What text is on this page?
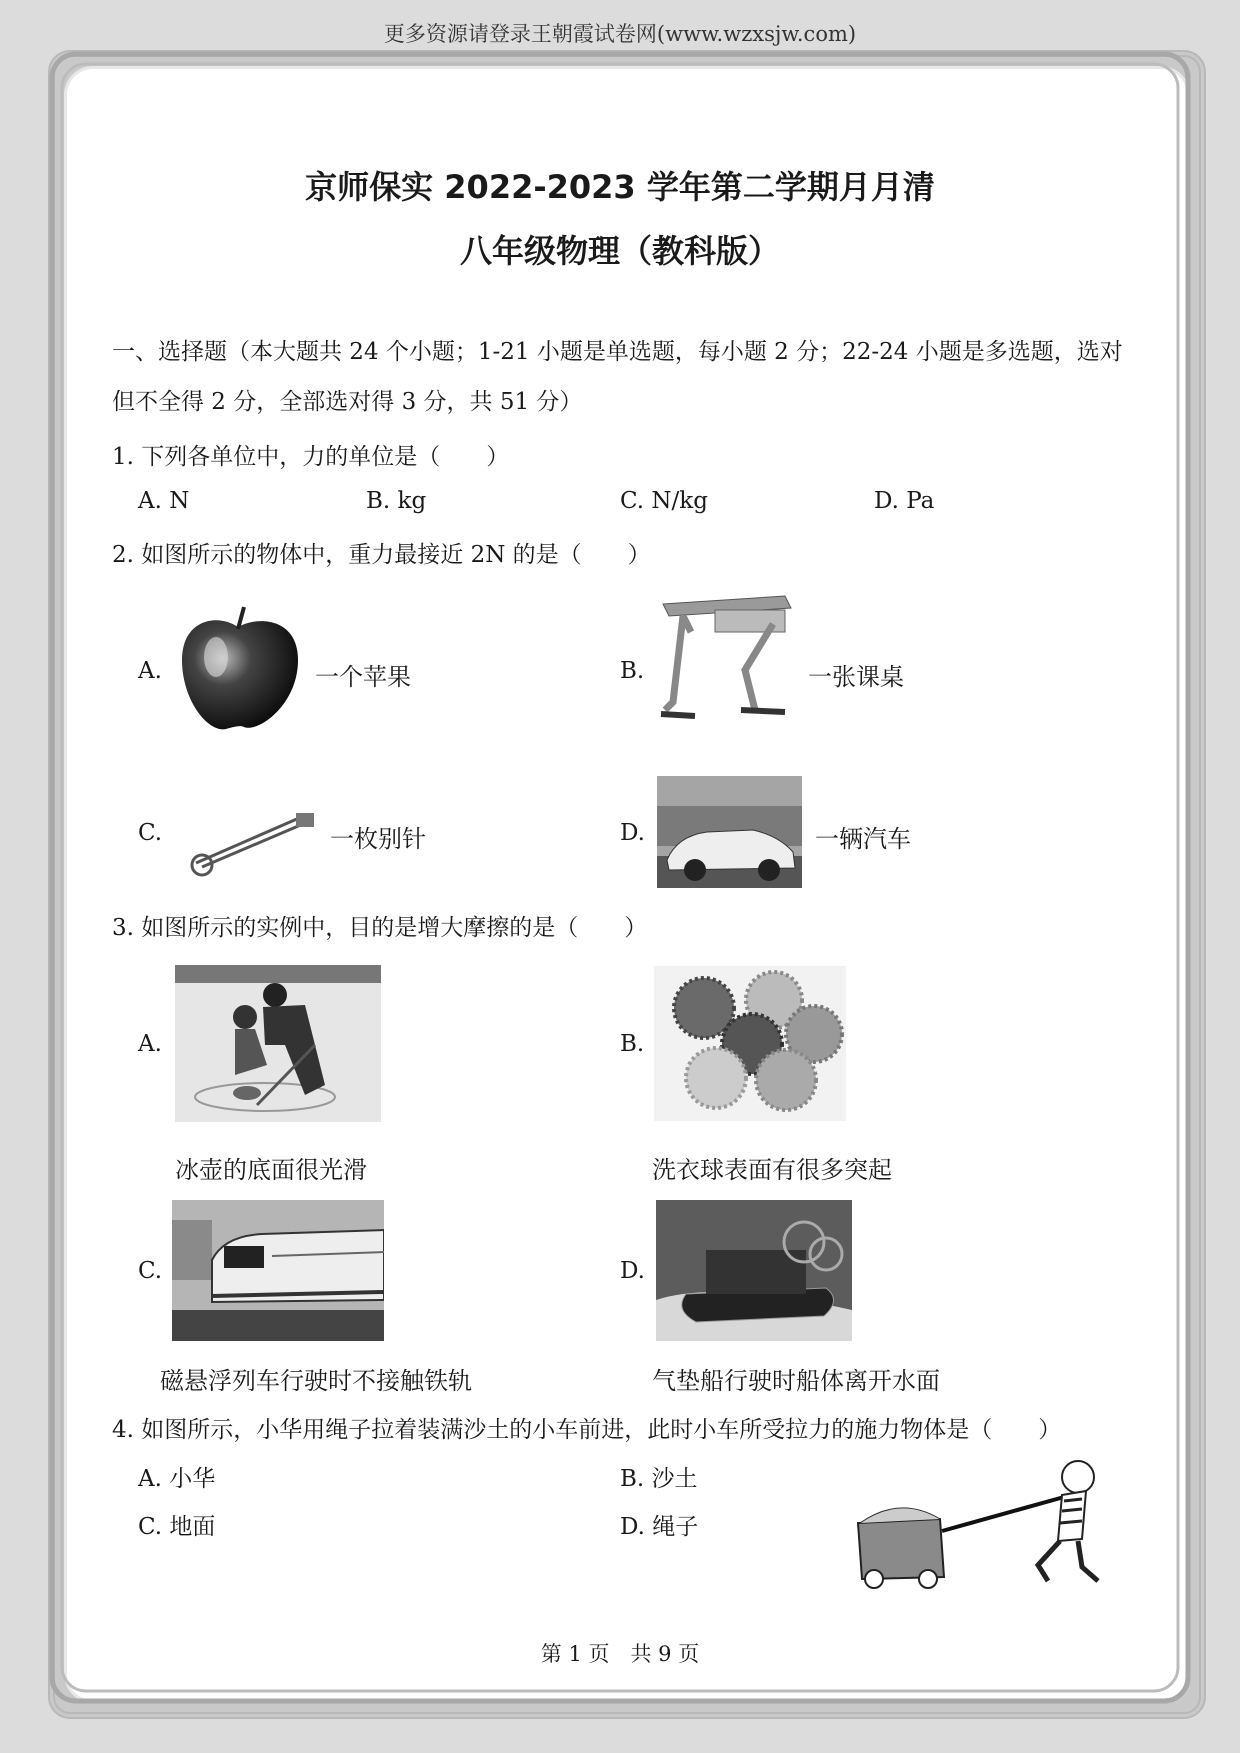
更多资源请登录王朝霞试卷网(www.wzxsjw.com)
京师保实 2022-2023 学年第二学期月月清
八年级物理（教科版）
一、选择题（本大题共 24 个小题；1-21 小题是单选题，每小题 2 分；22-24 小题是多选题，选对但不全得 2 分，全部选对得 3 分，共 51 分）
1. 下列各单位中，力的单位是（　　）
A. N	B. kg	C. N/kg	D. Pa
2. 如图所示的物体中，重力最接近 2N 的是（　　）
A.	一个苹果	B.	一张课桌
C.	一枚别针	D.	一辆汽车
3. 如图所示的实例中，目的是增大摩擦的是（　　）
A.
冰壶的底面很光滑
B.
洗衣球表面有很多突起
C.
磁悬浮列车行驶时不接触铁轨
D.
气垫船行驶时船体离开水面
4. 如图所示，小华用绳子拉着装满沙土的小车前进，此时小车所受拉力的施力物体是（　　）
A. 小华	B. 沙土
C. 地面	D. 绳子
第 1 页　共 9 页
